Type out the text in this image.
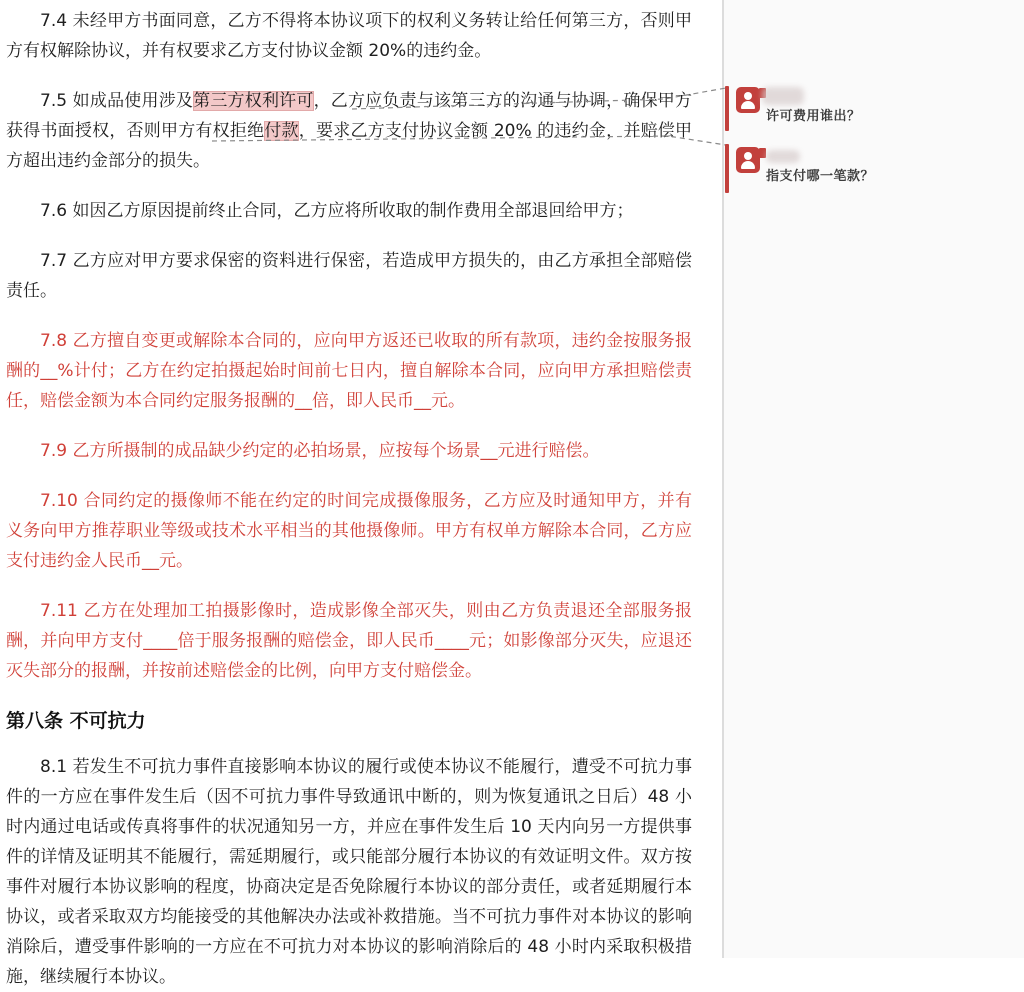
7.4 未经甲方书面同意，乙方不得将本协议项下的权利义务转让给任何第三方，否则甲方有权解除协议，并有权要求乙方支付协议金额 20%的违约金。

7.5 如成品使用涉及第三方权利许可，乙方应负责与该第三方的沟通与协调，确保甲方获得书面授权，否则甲方有权拒绝付款，要求乙方支付协议金额 20% 的违约金，并赔偿甲方超出违约金部分的损失。

7.6 如因乙方原因提前终止合同，乙方应将所收取的制作费用全部退回给甲方；

7.7 乙方应对甲方要求保密的资料进行保密，若造成甲方损失的，由乙方承担全部赔偿责任。

7.8 乙方擅自变更或解除本合同的，应向甲方返还已收取的所有款项，违约金按服务报酬的__%计付；乙方在约定拍摄起始时间前七日内，擅自解除本合同，应向甲方承担赔偿责任，赔偿金额为本合同约定服务报酬的__倍，即人民币__元。

7.9 乙方所摄制的成品缺少约定的必拍场景，应按每个场景__元进行赔偿。

7.10 合同约定的摄像师不能在约定的时间完成摄像服务，乙方应及时通知甲方，并有义务向甲方推荐职业等级或技术水平相当的其他摄像师。甲方有权单方解除本合同，乙方应支付违约金人民币__元。

7.11 乙方在处理加工拍摄影像时，造成影像全部灭失，则由乙方负责退还全部服务报酬，并向甲方支付____倍于服务报酬的赔偿金，即人民币____元；如影像部分灭失，应退还灭失部分的报酬，并按前述赔偿金的比例，向甲方支付赔偿金。

第八条 不可抗力

8.1 若发生不可抗力事件直接影响本协议的履行或使本协议不能履行，遭受不可抗力事件的一方应在事件发生后（因不可抗力事件导致通讯中断的，则为恢复通讯之日后）48 小时内通过电话或传真将事件的状况通知另一方，并应在事件发生后 10 天内向另一方提供事件的详情及证明其不能履行，需延期履行，或只能部分履行本协议的有效证明文件。双方按事件对履行本协议影响的程度，协商决定是否免除履行本协议的部分责任，或者延期履行本协议，或者采取双方均能接受的其他解决办法或补救措施。当不可抗力事件对本协议的影响消除后，遭受事件影响的一方应在不可抗力对本协议的影响消除后的 48 小时内采取积极措施，继续履行本协议。

许可费用谁出？
指支付哪一笔款？
